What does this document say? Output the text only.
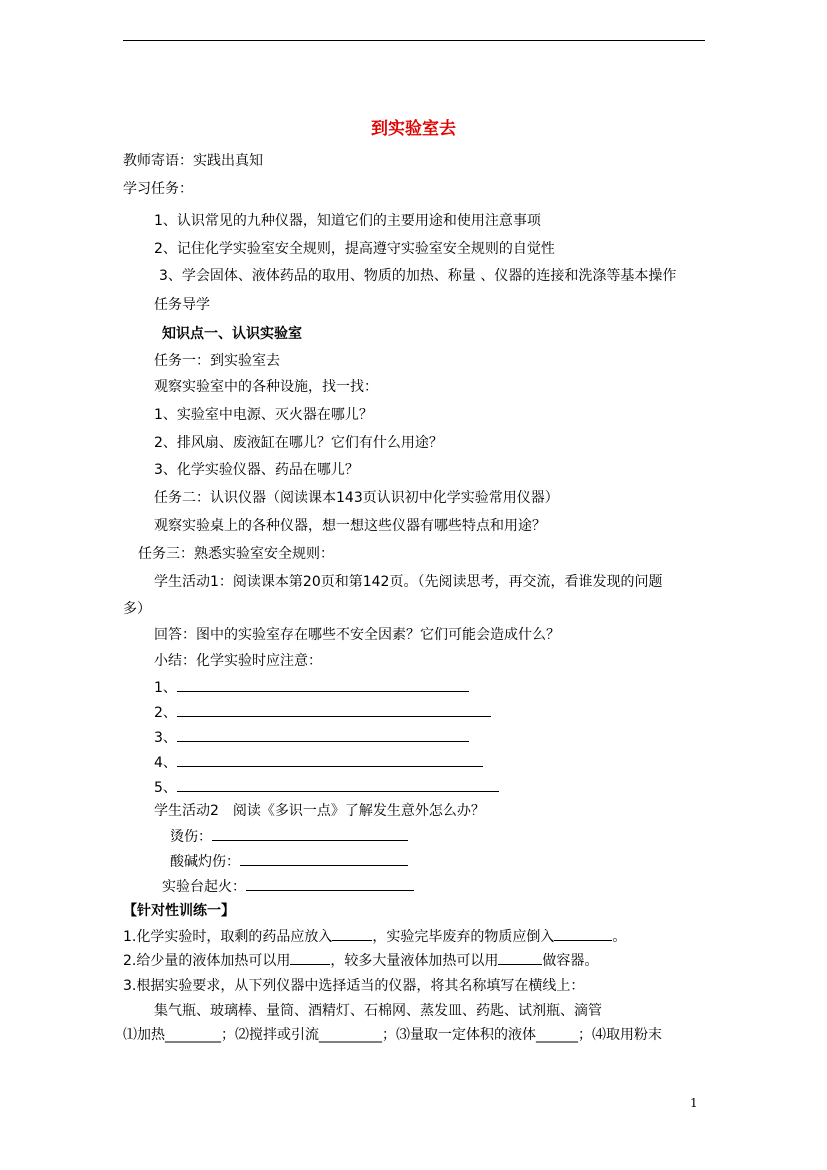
到实验室去
教师寄语：实践出真知
学习任务：
1、认识常见的九种仪器，知道它们的主要用途和使用注意事项
2、记住化学实验室安全规则，提高遵守实验室安全规则的自觉性
3、学会固体、液体药品的取用、物质的加热、称量 、仪器的连接和洗涤等基本操作
任务导学
知识点一、认识实验室
任务一：到实验室去
观察实验室中的各种设施，找一找：
1、实验室中电源、灭火器在哪儿？
2、排风扇、废液缸在哪儿？它们有什么用途？
3、化学实验仪器、药品在哪儿？
任务二：认识仪器（阅读课本143页认识初中化学实验常用仪器）
观察实验桌上的各种仪器，想一想这些仪器有哪些特点和用途？
任务三：熟悉实验室安全规则：
学生活动1：阅读课本第20页和第142页。（先阅读思考，再交流，看谁发现的问题
多）
回答：图中的实验室存在哪些不安全因素？它们可能会造成什么？
小结：化学实验时应注意：
1、
2、
3、
4、
5、
学生活动2　阅读《多识一点》了解发生意外怎么办？
烫伤：
酸碱灼伤：
实验台起火：
【针对性训练一】
1.化学实验时，取剩的药品应放入	，实验完毕废弃的物质应倒入	。
2.给少量的液体加热可以用	，较多大量液体加热可以用	做容器。
3.根据实验要求，从下列仪器中选择适当的仪器，将其名称填写在横线上：
集气瓶、玻璃棒、量筒、酒精灯、石棉网、蒸发皿、药匙、试剂瓶、滴管
⑴加热________；⑵搅拌或引流_________；⑶量取一定体积的液体______；⑷取用粉末
1
